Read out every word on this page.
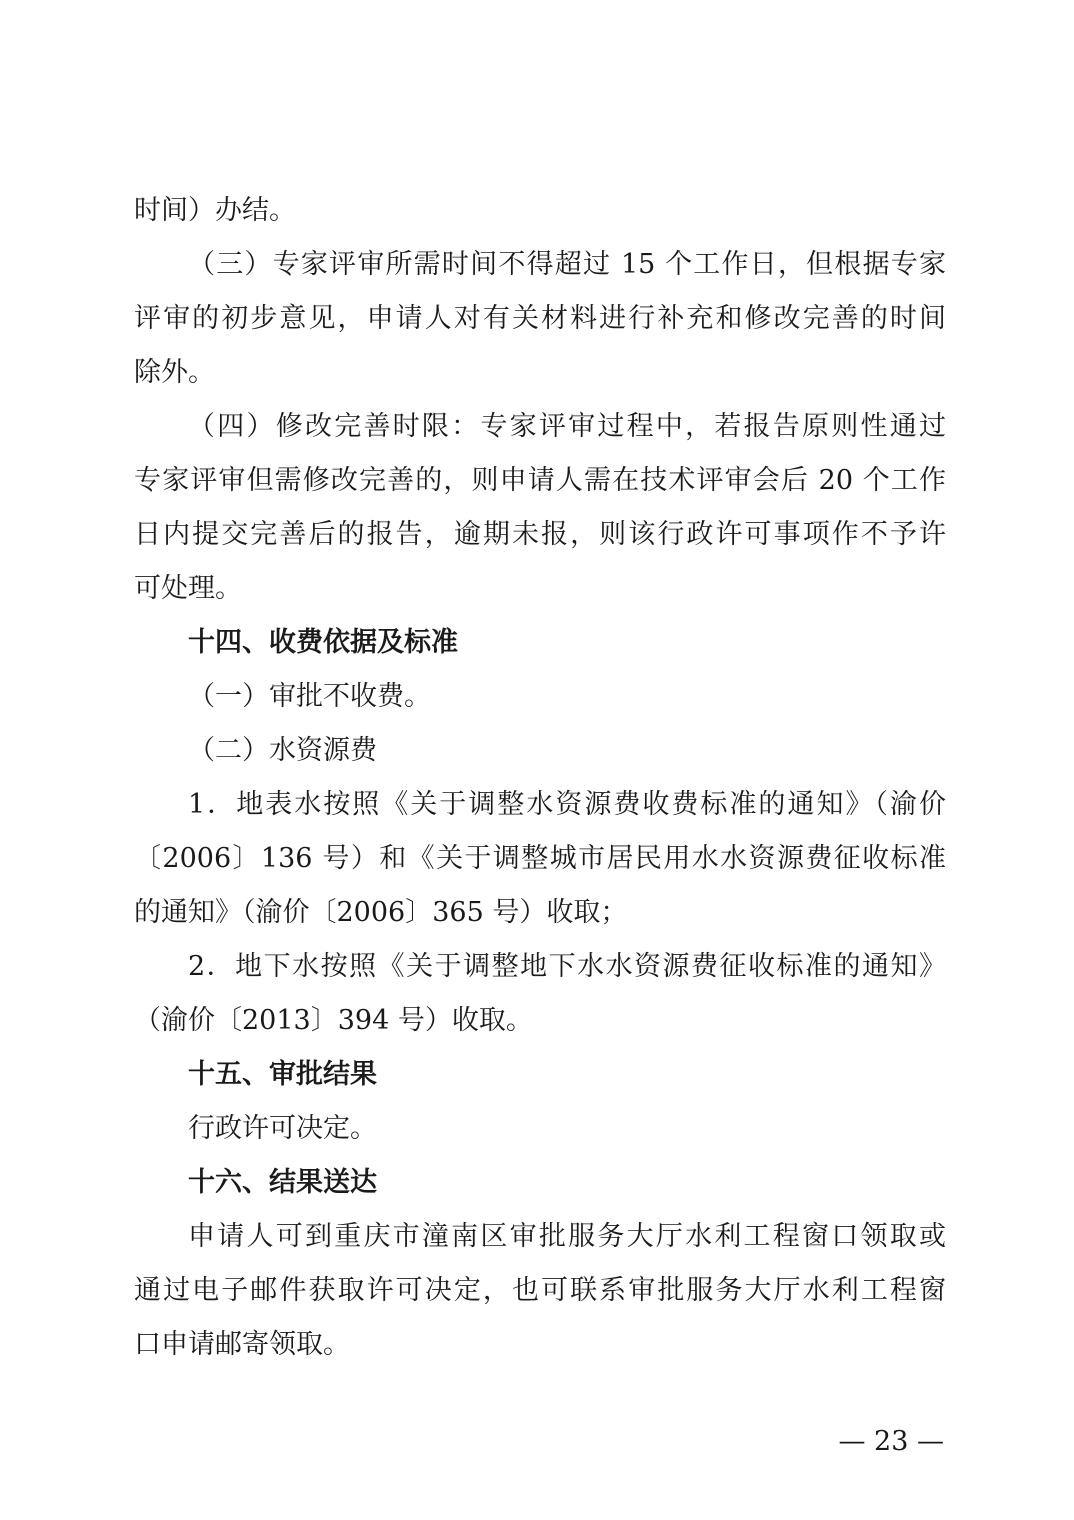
时间）办结。
（三）专家评审所需时间不得超过 15 个工作日，但根据专家
评审的初步意见，申请人对有关材料进行补充和修改完善的时间
除外。
（四）修改完善时限：专家评审过程中，若报告原则性通过
专家评审但需修改完善的，则申请人需在技术评审会后 20 个工作
日内提交完善后的报告，逾期未报，则该行政许可事项作不予许
可处理。
十四、收费依据及标准
（一）审批不收费。
（二）水资源费
1．地表水按照《关于调整水资源费收费标准的通知》（渝价
〔2006〕136 号）和《关于调整城市居民用水水资源费征收标准
的通知》（渝价〔2006〕365 号）收取；
2．地下水按照《关于调整地下水水资源费征收标准的通知》
（渝价〔2013〕394 号）收取。
十五、审批结果
行政许可决定。
十六、结果送达
申请人可到重庆市潼南区审批服务大厅水利工程窗口领取或
通过电子邮件获取许可决定，也可联系审批服务大厅水利工程窗
口申请邮寄领取。
— 23 —
